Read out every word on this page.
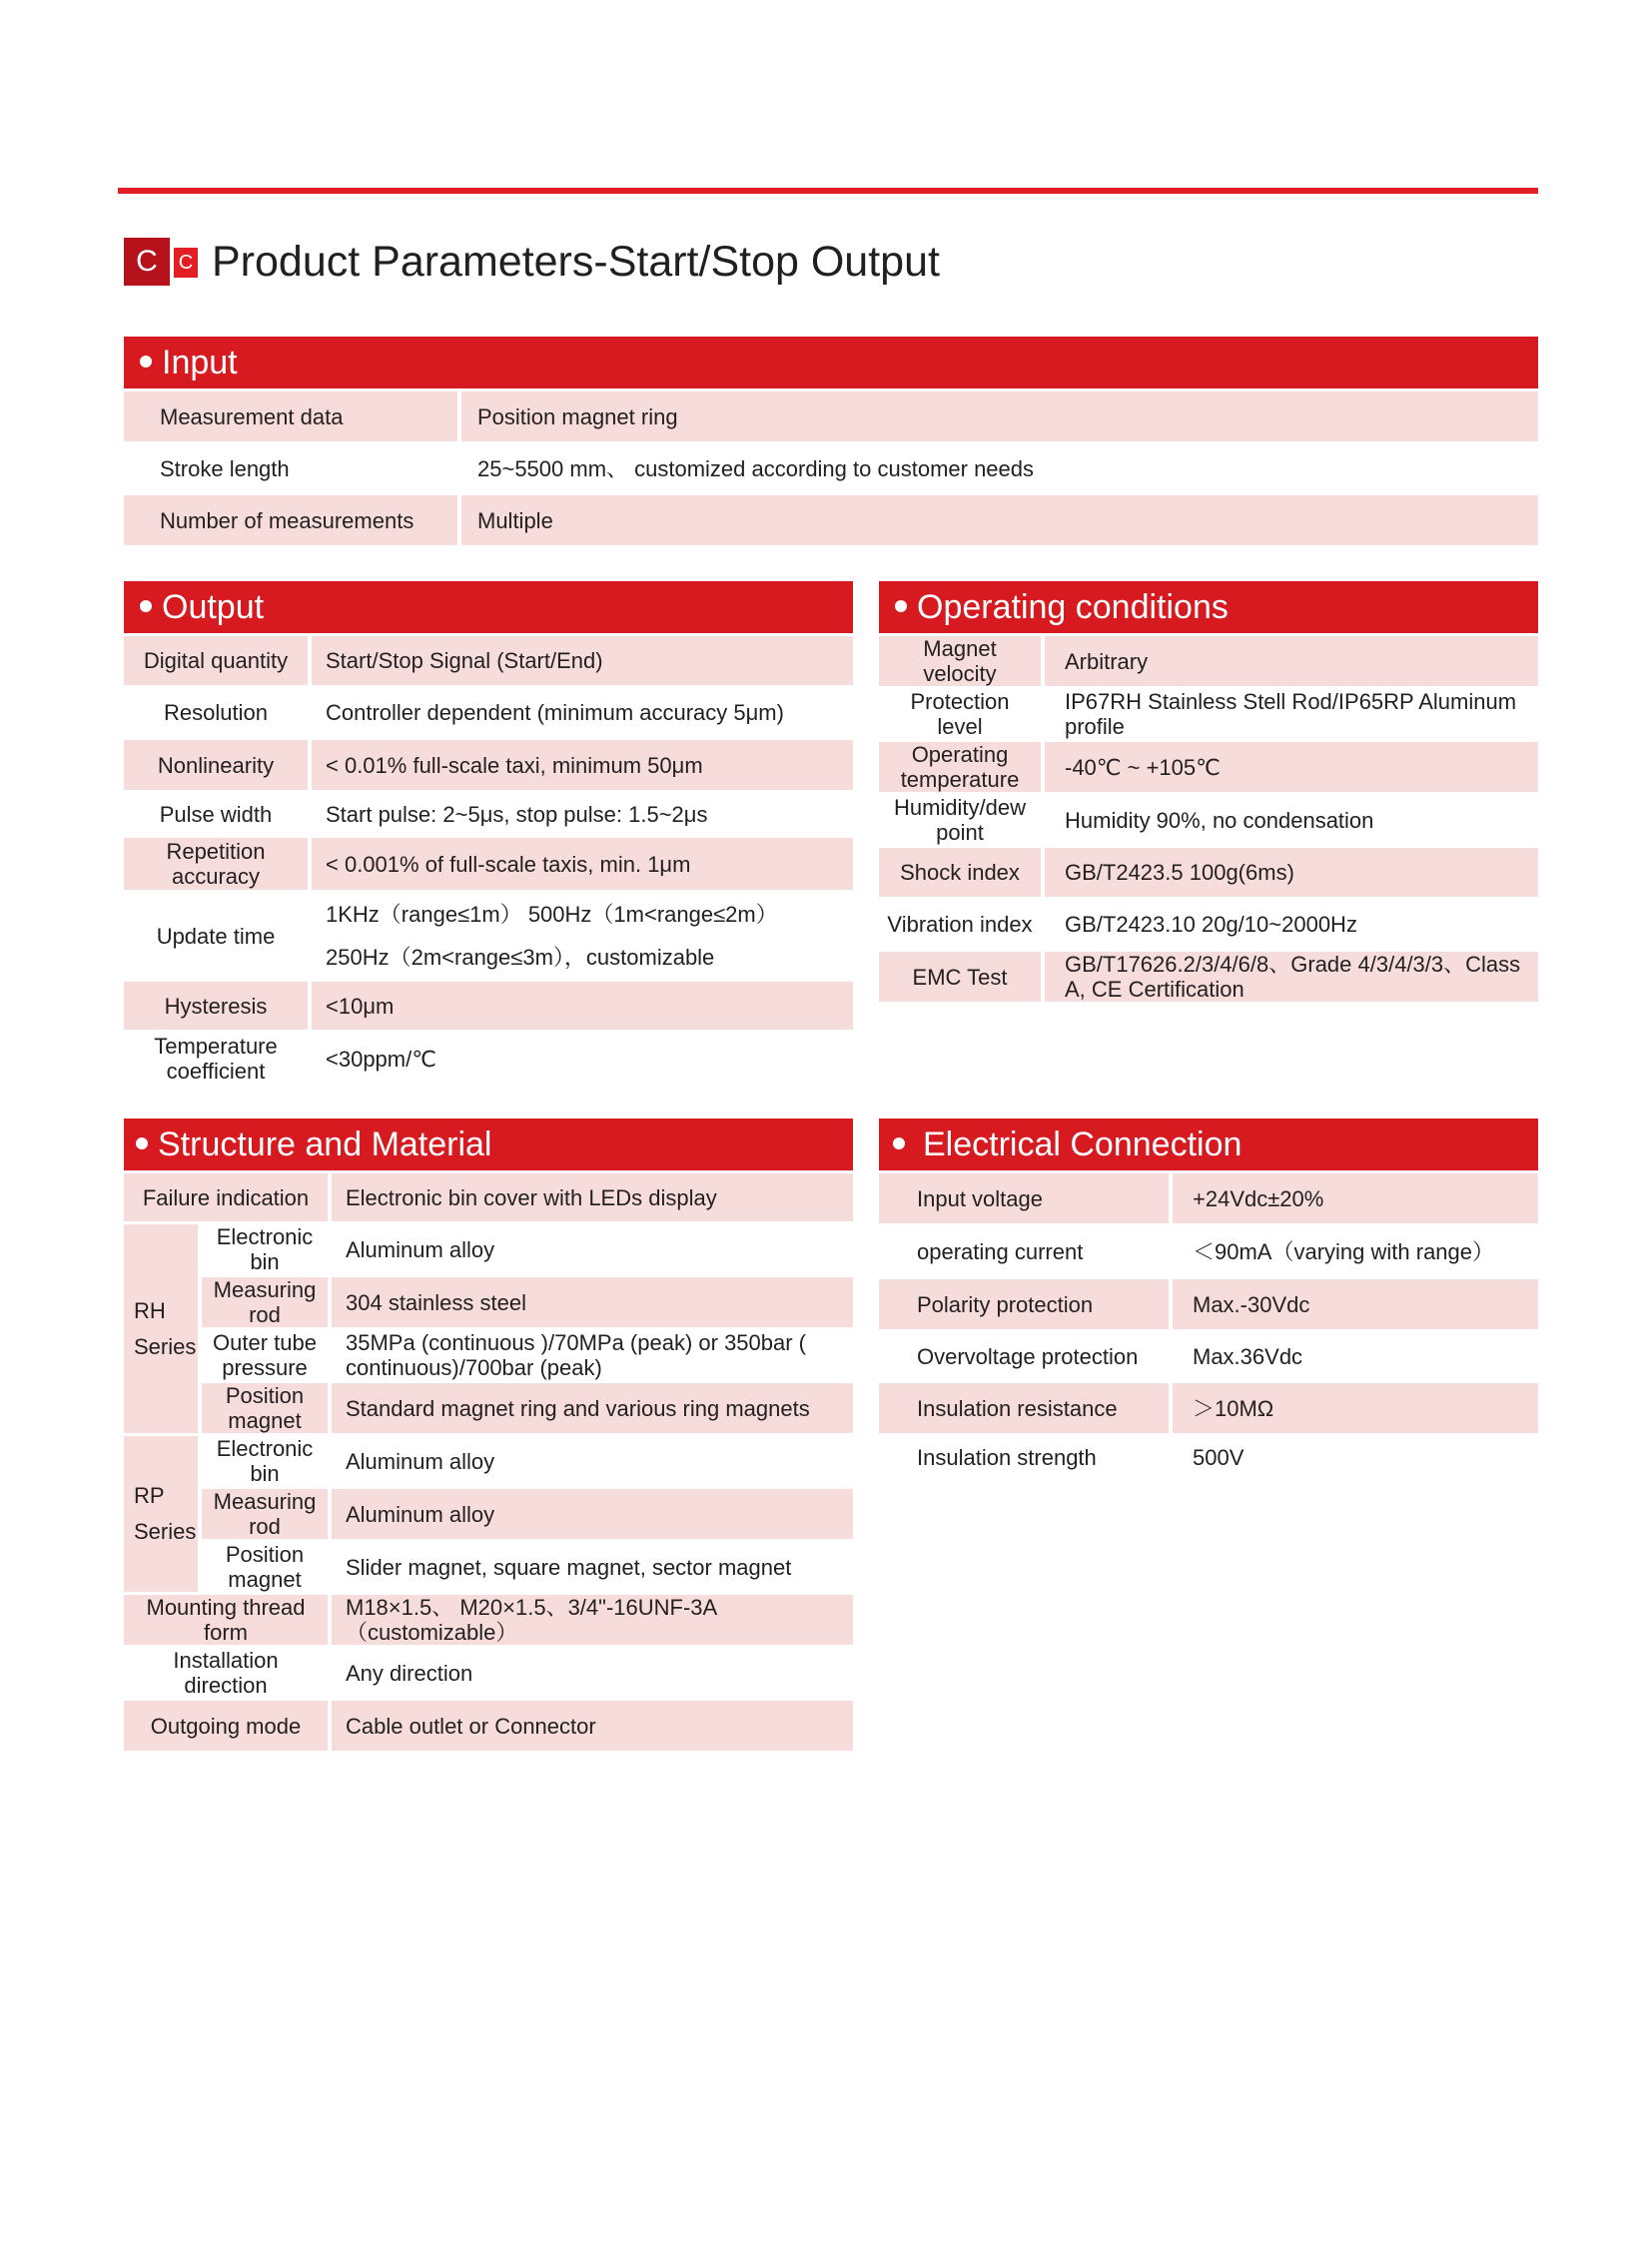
C	C Product Parameters-Start/Stop Output
Input
Measurement data		Position magnet ring
Stroke length		25~5500 mm、 customized according to customer needs
Number of measurements		Multiple
Output
Digital quantity		Start/Stop Signal (Start/End)
Resolution		Controller dependent (minimum accuracy 5μm)
Nonlinearity		< 0.01% full-scale taxi, minimum 50μm
Pulse width		Start pulse: 2~5μs, stop pulse: 1.5~2μs
Repetition accuracy		< 0.001% of full-scale taxis, min. 1μm
Update time		1KHz（range≤1m） 500Hz（1m<range≤2m）
250Hz（2m<range≤3m），customizable

Hysteresis		<10μm
Temperature coefficient		<30ppm/℃
Operating conditions
Magnet velocity		Arbitrary
Protection level		IP67RH Stainless Stell Rod/IP65RP Aluminum profile
Operating temperature		-40℃ ~ +105℃
Humidity/dew point		Humidity 90%, no condensation
Shock index		GB/T2423.5 100g(6ms)
Vibration index		GB/T2423.10 20g/10~2000Hz
EMC Test		GB/T17626.2/3/4/6/8、Grade 4/3/4/3/3、Class A, CE Certification
Structure and Material
Failure indication				Electronic bin cover with LEDs display
RH Series		Electronic bin		Aluminum alloy
		Measuring rod		304 stainless steel
		Outer tube pressure		35MPa (continuous )/70MPa (peak) or 350bar ( continuous)/700bar (peak)
		Position magnet		Standard magnet ring and various ring magnets
RP Series		Electronic bin		Aluminum alloy
		Measuring rod		Aluminum alloy
		Position magnet		Slider magnet, square magnet, sector magnet
Mounting thread form				M18×1.5、 M20×1.5、3/4"-16UNF-3A （customizable）
Installation direction				Any direction
Outgoing mode				Cable outlet or Connector
Electrical Connection
Input voltage		+24Vdc±20%
operating current		＜90mA（varying with range）
Polarity protection		Max.-30Vdc
Overvoltage protection		Max.36Vdc
Insulation resistance		＞10MΩ
Insulation strength		500V
